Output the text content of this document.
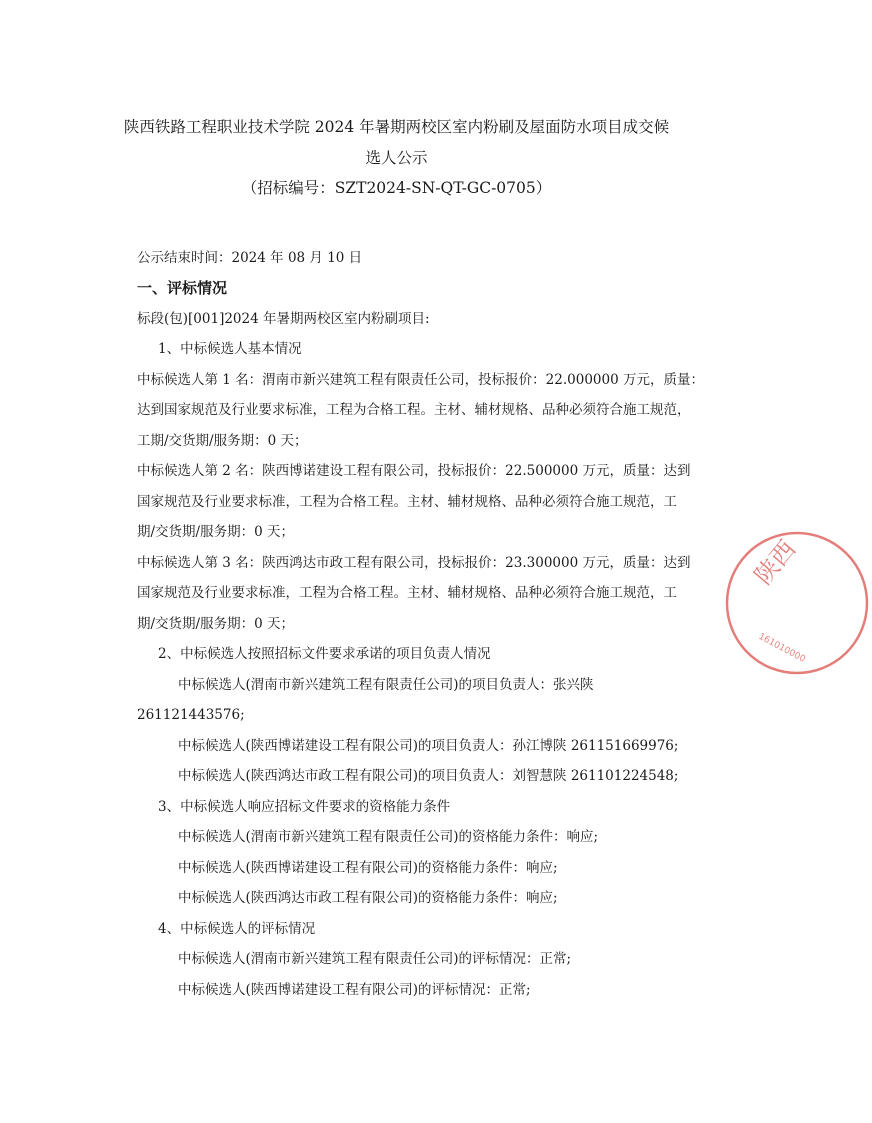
陕西铁路工程职业技术学院 2024 年暑期两校区室内粉刷及屋面防水项目成交候
选人公示
（招标编号：SZT2024-SN-QT-GC-0705）
公示结束时间：2024 年 08 月 10 日
一、评标情况
标段(包)[001]2024 年暑期两校区室内粉刷项目:
1、中标候选人基本情况
中标候选人第 1 名：渭南市新兴建筑工程有限责任公司，投标报价：22.000000 万元，质量：
达到国家规范及行业要求标准，工程为合格工程。主材、辅材规格、品种必须符合施工规范，
工期/交货期/服务期：0 天；
中标候选人第 2 名：陕西博诺建设工程有限公司，投标报价：22.500000 万元，质量：达到
国家规范及行业要求标准，工程为合格工程。主材、辅材规格、品种必须符合施工规范，工
期/交货期/服务期：0 天；
中标候选人第 3 名：陕西鸿达市政工程有限公司，投标报价：23.300000 万元，质量：达到
国家规范及行业要求标准，工程为合格工程。主材、辅材规格、品种必须符合施工规范，工
期/交货期/服务期：0 天；
2、中标候选人按照招标文件要求承诺的项目负责人情况
中标候选人(渭南市新兴建筑工程有限责任公司)的项目负责人：张兴陕
261121443576;
中标候选人(陕西博诺建设工程有限公司)的项目负责人：孙江博陕 261151669976;
中标候选人(陕西鸿达市政工程有限公司)的项目负责人：刘智慧陕 261101224548;
3、中标候选人响应招标文件要求的资格能力条件
中标候选人(渭南市新兴建筑工程有限责任公司)的资格能力条件：响应;
中标候选人(陕西博诺建设工程有限公司)的资格能力条件：响应;
中标候选人(陕西鸿达市政工程有限公司)的资格能力条件：响应;
4、中标候选人的评标情况
中标候选人(渭南市新兴建筑工程有限责任公司)的评标情况：正常;
中标候选人(陕西博诺建设工程有限公司)的评标情况：正常;
陕西
161010000
